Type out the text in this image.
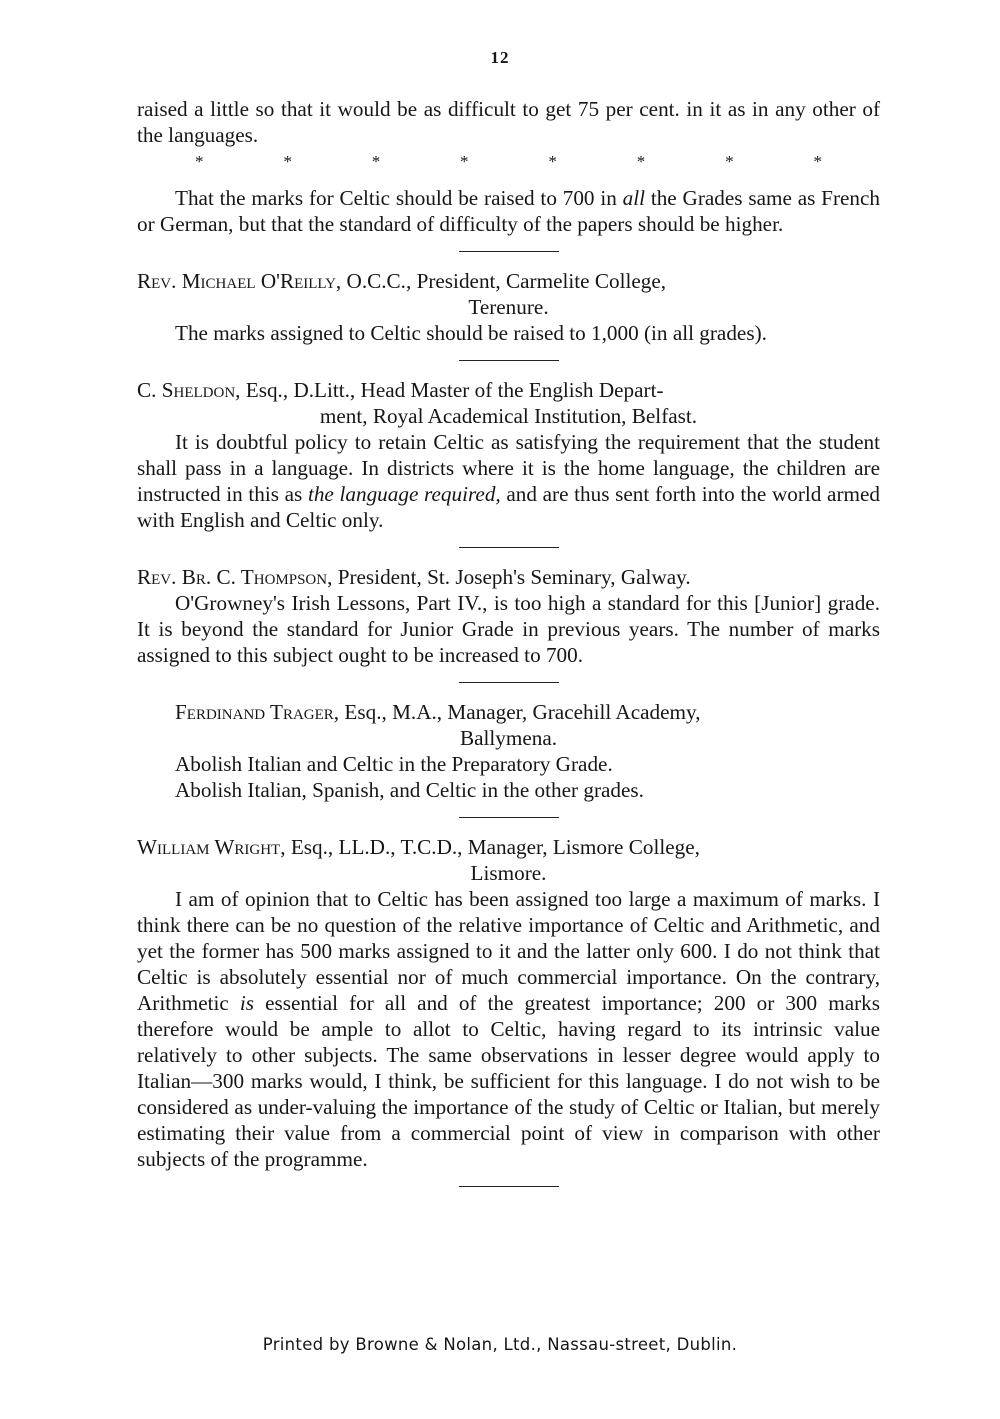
12

raised a little so that it would be as difficult to get 75 per cent. in it as in any other of the languages.

*	*	*	*	*	*	*	*

That the marks for Celtic should be raised to 700 in all the Grades same as French or German, but that the standard of difficulty of the papers should be higher.

Rev. Michael O'Reilly, O.C.C., President, Carmelite College,

Terenure.

The marks assigned to Celtic should be raised to 1,000 (in all grades).

C. Sheldon, Esq., D.Litt., Head Master of the English Depart-

ment, Royal Academical Institution, Belfast.

It is doubtful policy to retain Celtic as satisfying the requirement that the student shall pass in a language. In districts where it is the home language, the children are instructed in this as the language required, and are thus sent forth into the world armed with English and Celtic only.

Rev. Br. C. Thompson, President, St. Joseph's Seminary, Galway.

O'Growney's Irish Lessons, Part IV., is too high a standard for this [Junior] grade. It is beyond the standard for Junior Grade in previous years. The number of marks assigned to this subject ought to be increased to 700.

Ferdinand Trager, Esq., M.A., Manager, Gracehill Academy,

Ballymena.

Abolish Italian and Celtic in the Preparatory Grade.

Abolish Italian, Spanish, and Celtic in the other grades.

William Wright, Esq., LL.D., T.C.D., Manager, Lismore College,

Lismore.

I am of opinion that to Celtic has been assigned too large a maximum of marks. I think there can be no question of the relative importance of Celtic and Arithmetic, and yet the former has 500 marks assigned to it and the latter only 600. I do not think that Celtic is absolutely essential nor of much commercial importance. On the contrary, Arithmetic is essential for all and of the greatest importance; 200 or 300 marks therefore would be ample to allot to Celtic, having regard to its intrinsic value relatively to other subjects. The same observations in lesser degree would apply to Italian—300 marks would, I think, be sufficient for this language. I do not wish to be considered as under-valuing the importance of the study of Celtic or Italian, but merely estimating their value from a commercial point of view in comparison with other subjects of the programme.

Printed by Browne & Nolan, Ltd., Nassau-street, Dublin.
